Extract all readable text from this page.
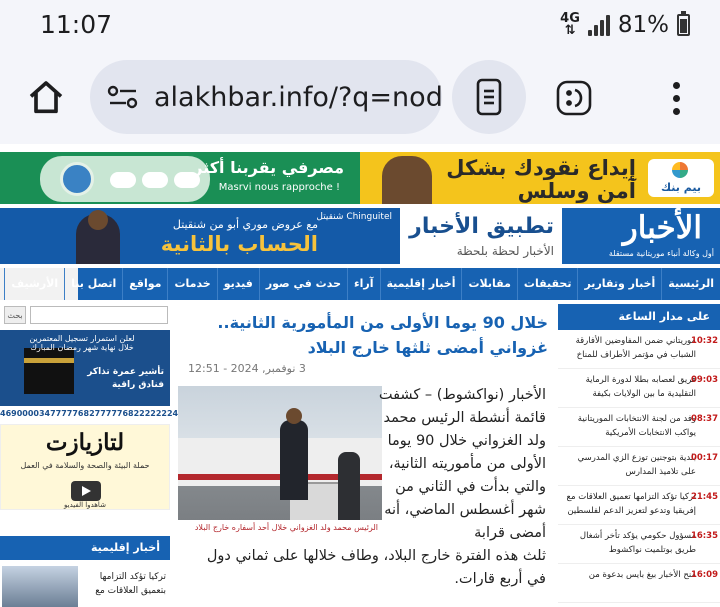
11:07	4G
⇅ 81%
alakhbar.info/?q=nod
مصرفي يقربنا أكثر
Masrvi nous rapproche !
إيداع نقودك بشكل
آمن وسلس	بيم بنك
شنقيتل Chinguitel
مع عروض موري أبو من شنقيتل
الحساب بالثانية
تطبيق الأخبار
الأخبار لحظة بلحظة
الأخبار
أول وكالة أنباء موريتانية مستقلة
الرئيسية
أخبار وتقارير
تحقيقات
مقابلات
أخبار إقليمية
آراء
حدث في صور
فيديو
خدمات
مواقع
اتصل بنا
الأرشيف
بحث
لعلن استمرار تسجيل المعتمرين خلال نهاية شهر رمضان المبارك
تأشير عمرة تذاكر فنادق راقية
46900003 47777768 27777768 22222224
لتازيازت
حملة البيئة والصحة والسلامة في العمل
شاهدوا الفيديو
أخبار إقليمية
تركيا تؤكد التزامها بتعميق العلاقات مع
خلال 90 يوما الأولى من المأمورية الثانية.. غزواني أمضى ثلثها خارج البلاد
3 نوفمبر, 2024 - 12:51
الرئيس محمد ولد الغزواني خلال أحد أسفاره خارج البلاد
الأخبار (نواكشوط) – كشفت قائمة أنشطة الرئيس محمد ولد الغزواني خلال 90 يوما الأولى من مأموريته الثانية، والتي بدأت في الثاني من شهر أغسطس الماضي، أنه أمضى قرابة
ثلث هذه الفترة خارج البلاد، وطاف خلالها على ثماني دول في أربع قارات.
على مدار الساعة
10:32
موريتاني ضمن المفاوضين الأفارقة الشباب في مؤتمر الأطراف للمناخ
09:03
فريق لعصابه بطلا لدورة الرماية التقليدية ما بين الولايات بكيفة
08:37
وفد من لجنة الانتخابات الموريتانية يواكب الانتخابات الأمريكية
00:17
بلدية بتوجنين توزع الزي المدرسي على تلاميذ المدارس
21:45
تركيا تؤكد التزامها تعميق العلاقات مع إفريقيا وتدعو لتعزيز الدعم لفلسطين
16:35
مسؤول حكومي يؤكد تأخر أشغال طريق بوتلميت نواكشوط
16:09
منح الأخبار بيغ بايس بدعوة من
